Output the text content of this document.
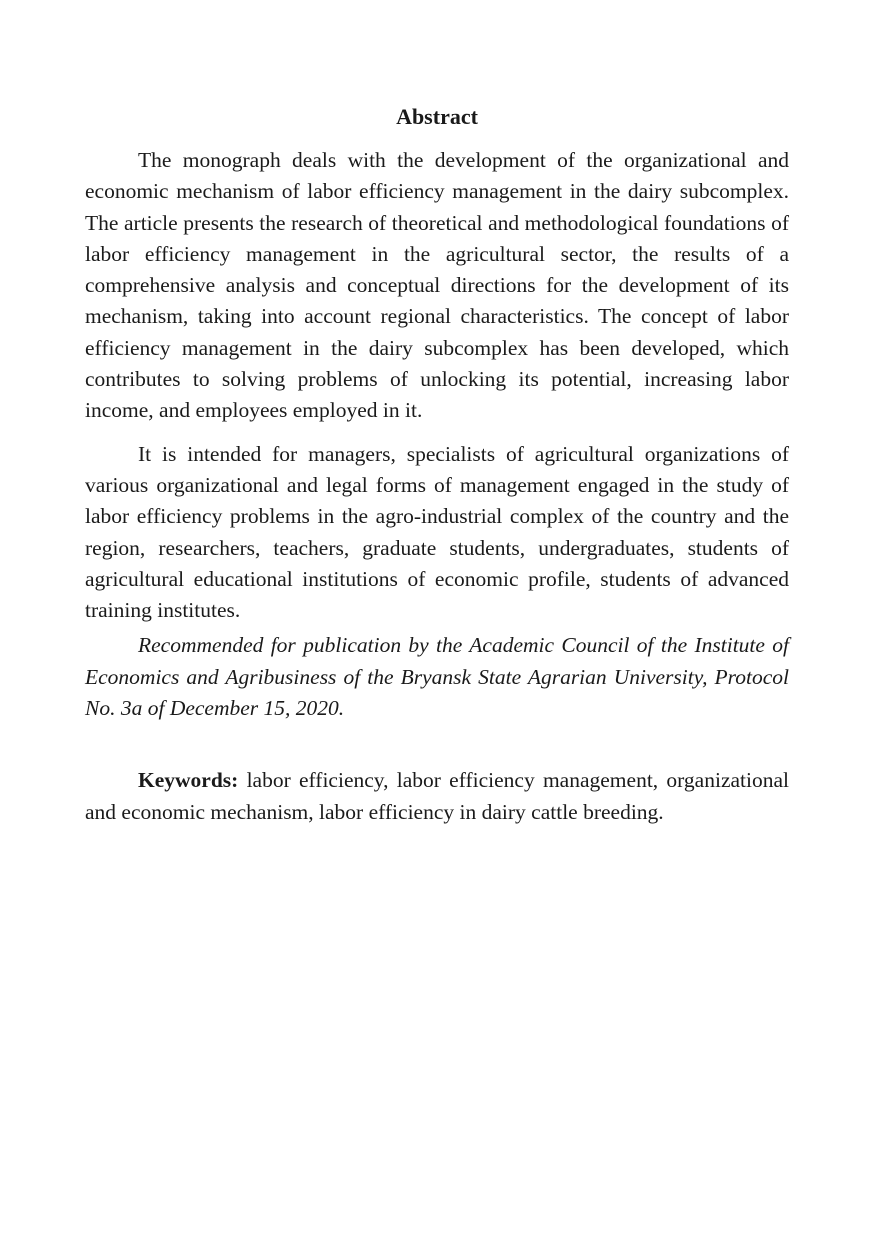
Abstract

The monograph deals with the development of the organizational and economic mechanism of labor efficiency management in the dairy subcomplex. The article presents the research of theoretical and methodological foundations of labor efficiency management in the agricultural sector, the results of a comprehensive analysis and conceptual directions for the development of its mechanism, taking into account regional characteristics. The concept of labor efficiency management in the dairy subcomplex has been developed, which contributes to solving problems of unlocking its potential, increasing labor income, and employees employed in it.

It is intended for managers, specialists of agricultural organizations of various organizational and legal forms of management engaged in the study of labor efficiency problems in the agro-industrial complex of the country and the region, researchers, teachers, graduate students, undergraduates, students of agricultural educational institutions of economic profile, students of advanced training institutes.

Recommended for publication by the Academic Council of the Institute of Economics and Agribusiness of the Bryansk State Agrarian University, Protocol No. 3a of December 15, 2020.

Keywords: labor efficiency, labor efficiency management, organizational and economic mechanism, labor efficiency in dairy cattle breeding.
